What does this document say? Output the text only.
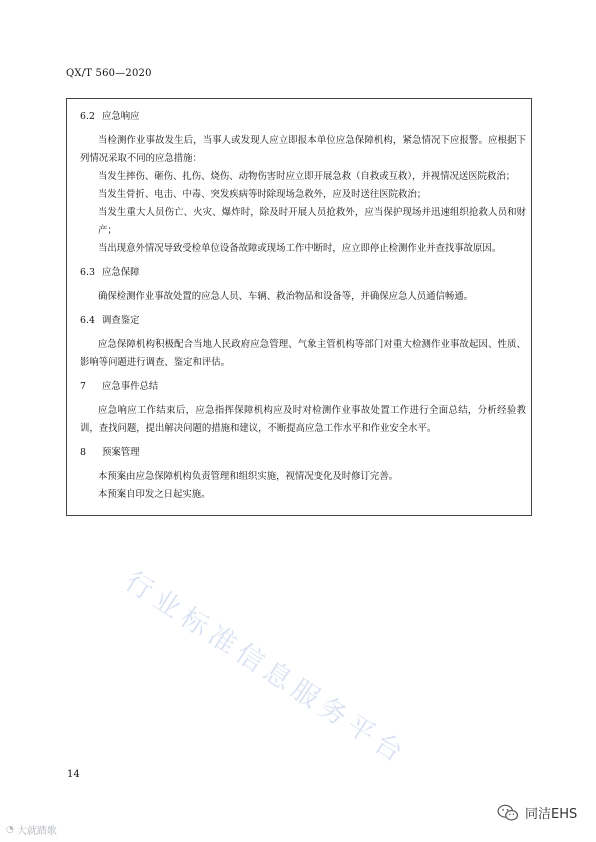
QX/T 560—2020

6.2 应急响应

当检测作业事故发生后，当事人或发现人应立即报本单位应急保障机构，紧急情况下应报警。应根据下列情况采取不同的应急措施：

当发生摔伤、砸伤、扎伤、烧伤、动物伤害时应立即开展急救（自救或互救），并视情况送医院救治；

当发生骨折、电击、中毒、突发疾病等时除现场急救外，应及时送往医院救治；

当发生重大人员伤亡、火灾、爆炸时，除及时开展人员抢救外，应当保护现场并迅速组织抢救人员和财产；

当出现意外情况导致受检单位设备故障或现场工作中断时，应立即停止检测作业并查找事故原因。

6.3 应急保障

确保检测作业事故处置的应急人员、车辆、救治物品和设备等，并确保应急人员通信畅通。

6.4 调查鉴定

应急保障机构积极配合当地人民政府应急管理、气象主管机构等部门对重大检测作业事故起因、性质、影响等问题进行调查、鉴定和评估。

7 应急事件总结

应急响应工作结束后，应急指挥保障机构应及时对检测作业事故处置工作进行全面总结，分析经验教训，查找问题，提出解决问题的措施和建议，不断提高应急工作水平和作业安全水平。

8 预案管理

本预案由应急保障机构负责管理和组织实施，视情况变化及时修订完善。

本预案自印发之日起实施。

行业标准信息服务平台
14
◔ 大就踏歌
同洁EHS
